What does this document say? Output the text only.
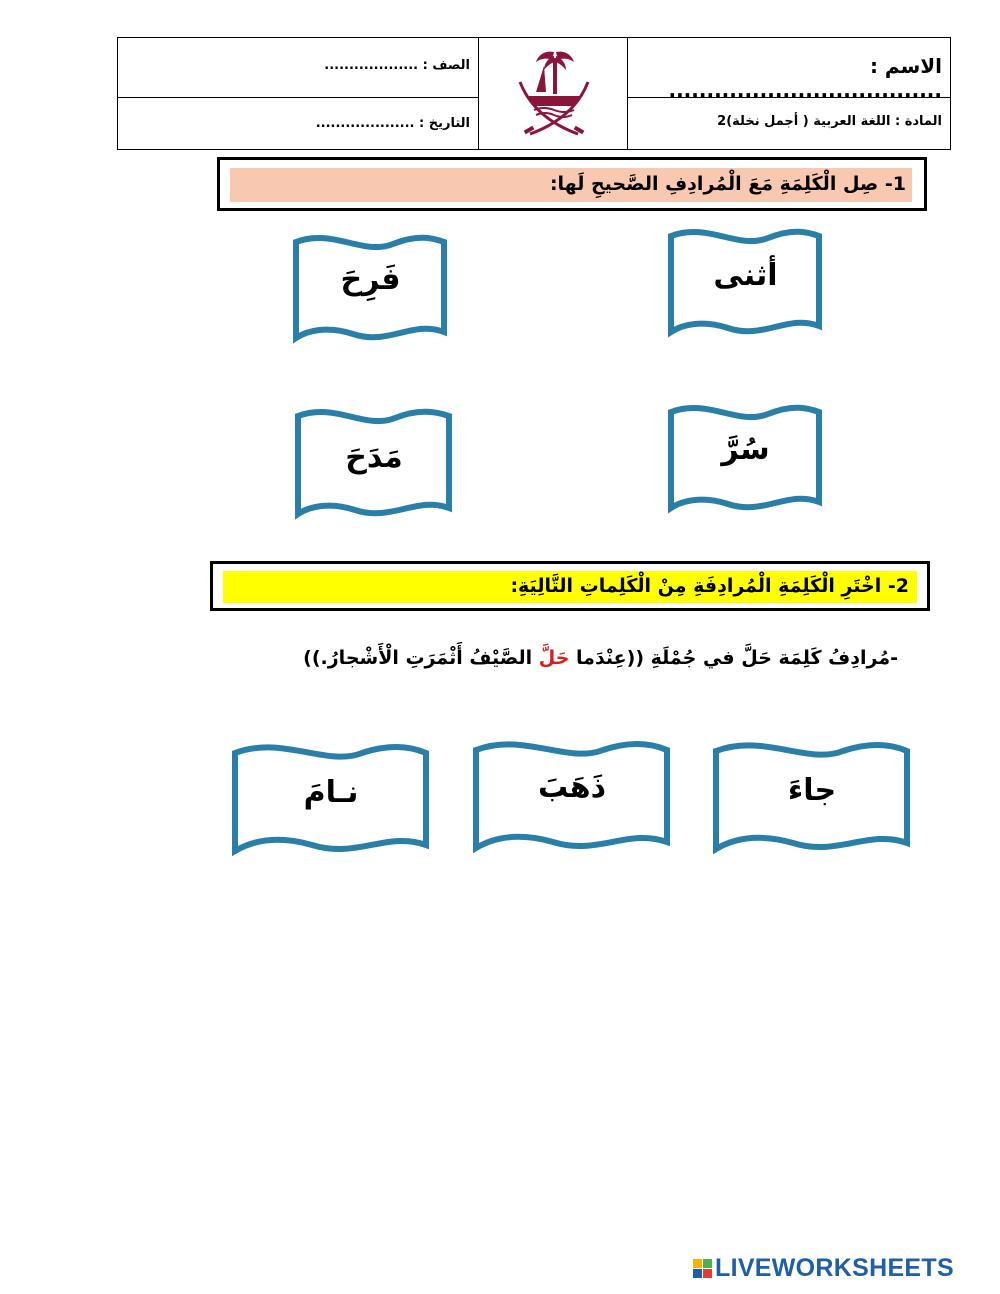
الاسم : ....................................
المادة : اللغة العربية ( أجمل نخلة)2
الصف : ...................
التاريخ : ....................
1- صِل الْكَلِمَةِ مَعَ الْمُرادِفِ الصَّحيحِ لَها:
أثنى
فَرِحَ
سُرَّ
مَدَحَ
2- اخْتَرِ الْكَلِمَةِ الْمُرادِفَةِ مِنْ الْكَلِماتِ التَّالِيَةِ:
-مُرادِفُ كَلِمَة حَلَّ في جُمْلَةِ ((عِنْدَما حَلَّ الصَّيْفُ أَثْمَرَتِ الْأَشْجارُ.))
جاءَ
ذَهَبَ
نـامَ
LIVEWORKSHEETS
